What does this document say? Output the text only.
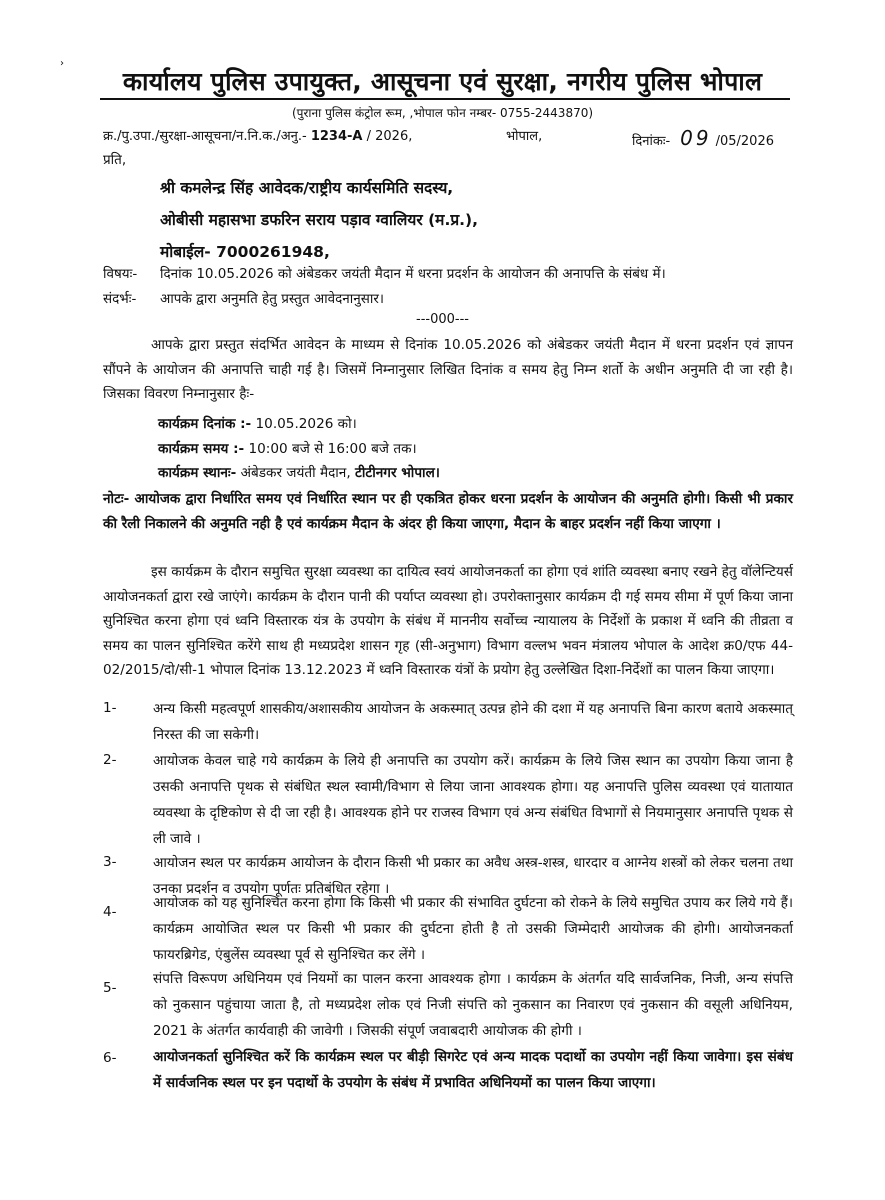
›
कार्यालय पुलिस उपायुक्त, आसूचना एवं सुरक्षा, नगरीय पुलिस भोपाल
(पुराना पुलिस कंट्रोल रूम, ,भोपाल फोन नम्बर- 0755-2443870)
क्र./पु.उपा./सुरक्षा-आसूचना/न.नि.क./अनु.- 1234-A / 2026,	भोपाल,	दिनांकः- 09 /05/2026
प्रति,
श्री कमलेन्द्र सिंह आवेदक/राष्ट्रीय कार्यसमिति सदस्य,
ओबीसी महासभा डफरिन सराय पड़ाव ग्वालियर (म.प्र.),
मोबाईल- 7000261948,
विषयः- दिनांक 10.05.2026 को अंबेडकर जयंती मैदान में धरना प्रदर्शन के आयोजन की अनापत्ति के संबंध में।
संदर्भः- आपके द्वारा अनुमति हेतु प्रस्तुत आवेदनानुसार।
---000---
आपके द्वारा प्रस्तुत संदर्भित आवेदन के माध्यम से दिनांक 10.05.2026 को अंबेडकर जयंती मैदान में धरना प्रदर्शन एवं ज्ञापन सौंपने के आयोजन की अनापत्ति चाही गई है। जिसमें निम्नानुसार लिखित दिनांक व समय हेतु निम्न शर्तो के अधीन अनुमति दी जा रही है। जिसका विवरण निम्नानुसार हैः-
कार्यक्रम दिनांक :- 10.05.2026 को।
कार्यक्रम समय :- 10:00 बजे से 16:00 बजे तक।
कार्यक्रम स्थानः- अंबेडकर जयंती मैदान, टीटीनगर भोपाल।
नोटः- आयोजक द्वारा निर्धारित समय एवं निर्धारित स्थान पर ही एकत्रित होकर धरना प्रदर्शन के आयोजन की अनुमति होगी। किसी भी प्रकार की रैली निकालने की अनुमति नही है एवं कार्यक्रम मैदान के अंदर ही किया जाएगा, मैदान के बाहर प्रदर्शन नहीं किया जाएगा ।
इस कार्यक्रम के दौरान समुचित सुरक्षा व्यवस्था का दायित्व स्वयं आयोजनकर्ता का होगा एवं शांति व्यवस्था बनाए रखने हेतु वॉलेन्टियर्स आयोजनकर्ता द्वारा रखे जाएंगे। कार्यक्रम के दौरान पानी की पर्याप्त व्यवस्था हो। उपरोक्तानुसार कार्यक्रम दी गई समय सीमा में पूर्ण किया जाना सुनिश्चित करना होगा एवं ध्वनि विस्तारक यंत्र के उपयोग के संबंध में माननीय सर्वोच्च न्यायालय के निर्देशों के प्रकाश में ध्वनि की तीव्रता व समय का पालन सुनिश्चित करेंगे साथ ही मध्यप्रदेश शासन गृह (सी-अनुभाग) विभाग वल्लभ भवन मंत्रालय भोपाल के आदेश क्र0/एफ 44-02/2015/दो/सी-1 भोपाल दिनांक 13.12.2023 में ध्वनि विस्तारक यंत्रों के प्रयोग हेतु उल्लेखित दिशा-निर्देशों का पालन किया जाएगा।
1-	अन्य किसी महत्वपूर्ण शासकीय/अशासकीय आयोजन के अकस्मात् उत्पन्न होने की दशा में यह अनापत्ति बिना कारण बताये अकस्मात् निरस्त की जा सकेगी।
2-	आयोजक केवल चाहे गये कार्यक्रम के लिये ही अनापत्ति का उपयोग करें। कार्यक्रम के लिये जिस स्थान का उपयोग किया जाना है उसकी अनापत्ति पृथक से संबंधित स्थल स्वामी/विभाग से लिया जाना आवश्यक होगा। यह अनापत्ति पुलिस व्यवस्था एवं यातायात व्यवस्था के दृष्टिकोण से दी जा रही है। आवश्यक होने पर राजस्व विभाग एवं अन्य संबंधित विभागों से नियमानुसार अनापत्ति पृथक से ली जावे ।
3-	आयोजन स्थल पर कार्यक्रम आयोजन के दौरान किसी भी प्रकार का अवैध अस्त्र-शस्त्र, धारदार व आग्नेय शस्त्रों को लेकर चलना तथा उनका प्रदर्शन व उपयोग पूर्णतः प्रतिबंधित रहेगा ।
4-
आयोजक को यह सुनिश्चित करना होगा कि किसी भी प्रकार की संभावित दुर्घटना को रोकने के लिये समुचित उपाय कर लिये गये हैं। कार्यक्रम आयोजित स्थल पर किसी भी प्रकार की दुर्घटना होती है तो उसकी जिम्मेदारी आयोजक की होगी। आयोजनकर्ता फायरब्रिगेड, एंबुलेंस व्यवस्था पूर्व से सुनिश्चित कर लेंगे ।
5-
संपत्ति विरूपण अधिनियम एवं नियमों का पालन करना आवश्यक होगा । कार्यक्रम के अंतर्गत यदि सार्वजनिक, निजी, अन्य संपत्ति को नुकसान पहुंचाया जाता है, तो मध्यप्रदेश लोक एवं निजी संपत्ति को नुकसान का निवारण एवं नुकसान की वसूली अधिनियम, 2021 के अंतर्गत कार्यवाही की जावेगी । जिसकी संपूर्ण जवाबदारी आयोजक की होगी ।
6-	आयोजनकर्ता सुनिश्चित करें कि कार्यक्रम स्थल पर बीड़ी सिगरेट एवं अन्य मादक पदार्थो का उपयोग नहीं किया जावेगा। इस संबंध में सार्वजनिक स्थल पर इन पदार्थो के उपयोग के संबंध में प्रभावित अधिनियमों का पालन किया जाएगा।
